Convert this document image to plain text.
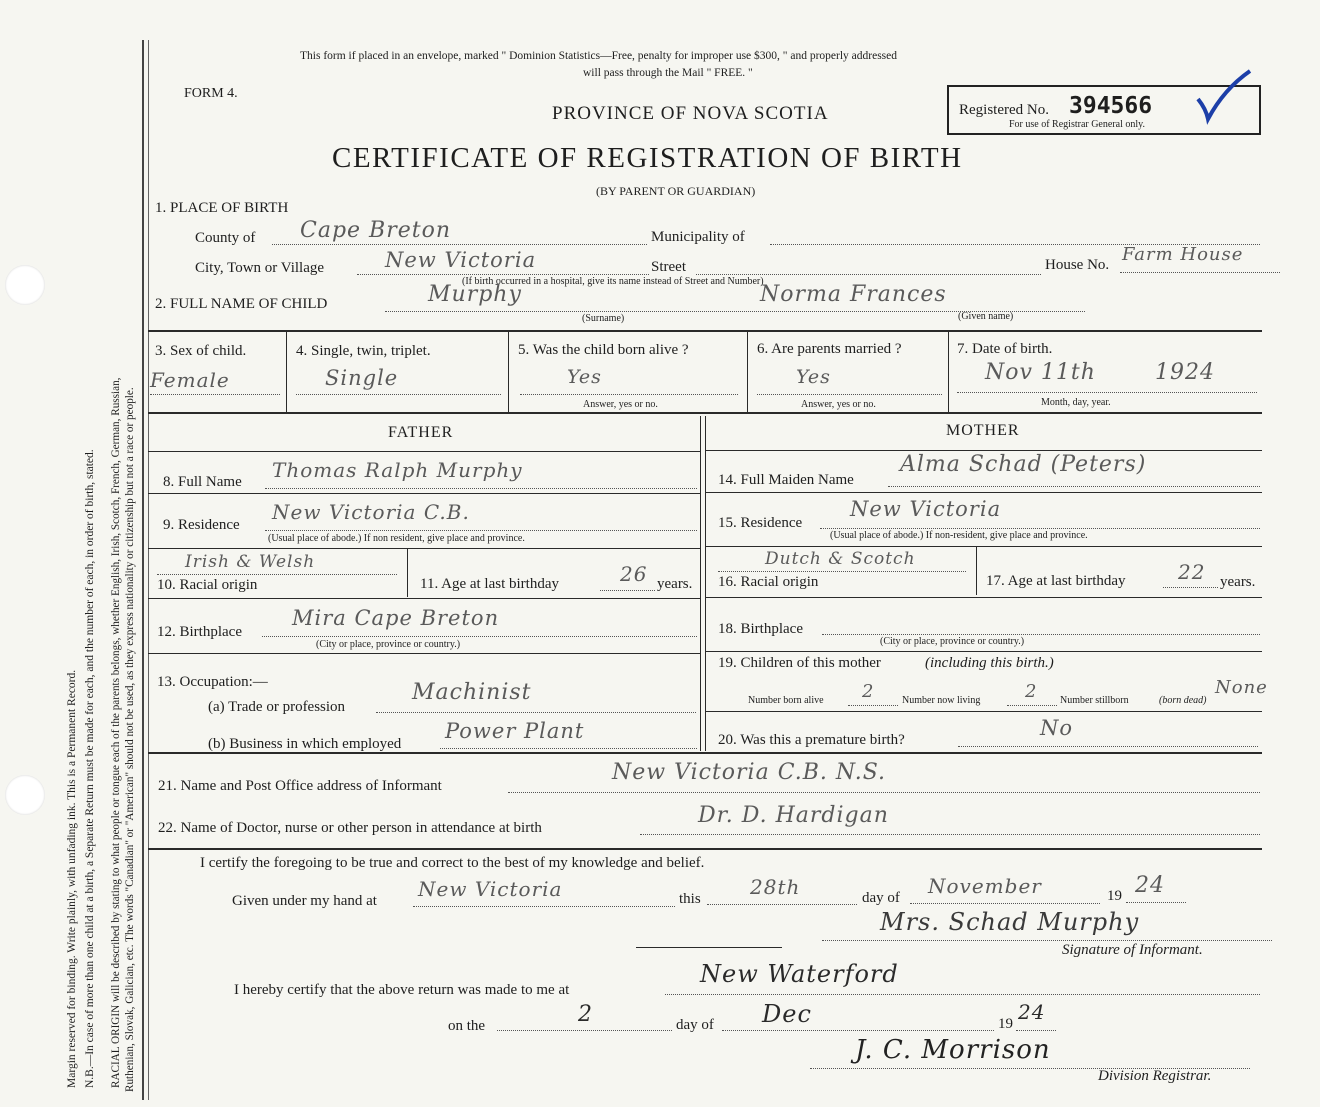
Margin reserved for binding. Write plainly, with unfading ink. This is a Permanent Record. N.B.—In case of more than one child at a birth, a Separate Return must be made for each, and the number of each, in order of birth, stated. RACIAL ORIGIN will be described by stating to what people or tongue each of the parents belongs, whether English, Irish, Scotch, French, German, Russian, Ruthenian, Slovak, Galician, etc. The words "Canadian" or "American" should not be used, as they express nationality or citizenship but not a race or people.
This form if placed in an envelope, marked " Dominion Statistics—Free, penalty for improper use $300, " and properly addressed
will pass through the Mail " FREE. "
FORM 4.
PROVINCE OF NOVA SCOTIA
CERTIFICATE OF REGISTRATION OF BIRTH
(BY PARENT OR GUARDIAN)
Registered No. 394566
For use of Registrar General only.
1. PLACE OF BIRTH
County of Cape Breton	Municipality of
City, Town or Village	New Victoria	Street
(If birth occurred in a hospital, give its name instead of Street and Number)
House No. Farm House
2. FULL NAME OF CHILD	Murphy
(Surname)
Norma Frances
(Given name)
3. Sex of child.
Female
4. Single, twin, triplet.
Single
5. Was the child born alive ?
Yes
Answer, yes or no.
6. Are parents married ?
Yes
Answer, yes or no.
7. Date of birth.
Nov 11th	1924
Month, day, year.
FATHER
8. Full Name Thomas Ralph Murphy
9. Residence
New Victoria C.B.
(Usual place of abode.) If non resident, give place and province.
Irish & Welsh
10. Racial origin	11. Age at last birthday	26 years.
12. Birthplace
Mira Cape Breton
(City or place, province or country.)
13. Occupation:—
(a) Trade or profession
Machinist
(b) Business in which employed
Power Plant
MOTHER
14. Full Maiden Name
Alma Schad (Peters)
15. Residence
New Victoria
(Usual place of abode.) If non-resident, give place and province.
Dutch & Scotch
16. Racial origin	17. Age at last birthday	22 years.
18. Birthplace
(City or place, province or country.)
19. Children of this mother	(including this birth.)
Number born alive 2	Number now living 2 Number stillborn	(born dead)
None
20. Was this a premature birth?	No
21. Name and Post Office address of Informant
New Victoria C.B. N.S.
22. Name of Doctor, nurse or other person in attendance at birth	Dr. D. Hardigan
I certify the foregoing to be true and correct to the best of my knowledge and belief.
Given under my hand at New Victoria	this 28th	day of November	19 24
Mrs. Schad Murphy
Signature of Informant.
I hereby certify that the above return was made to me at
New Waterford
on the	2	day of Dec	19 24
J. C. Morrison
Division Registrar.
